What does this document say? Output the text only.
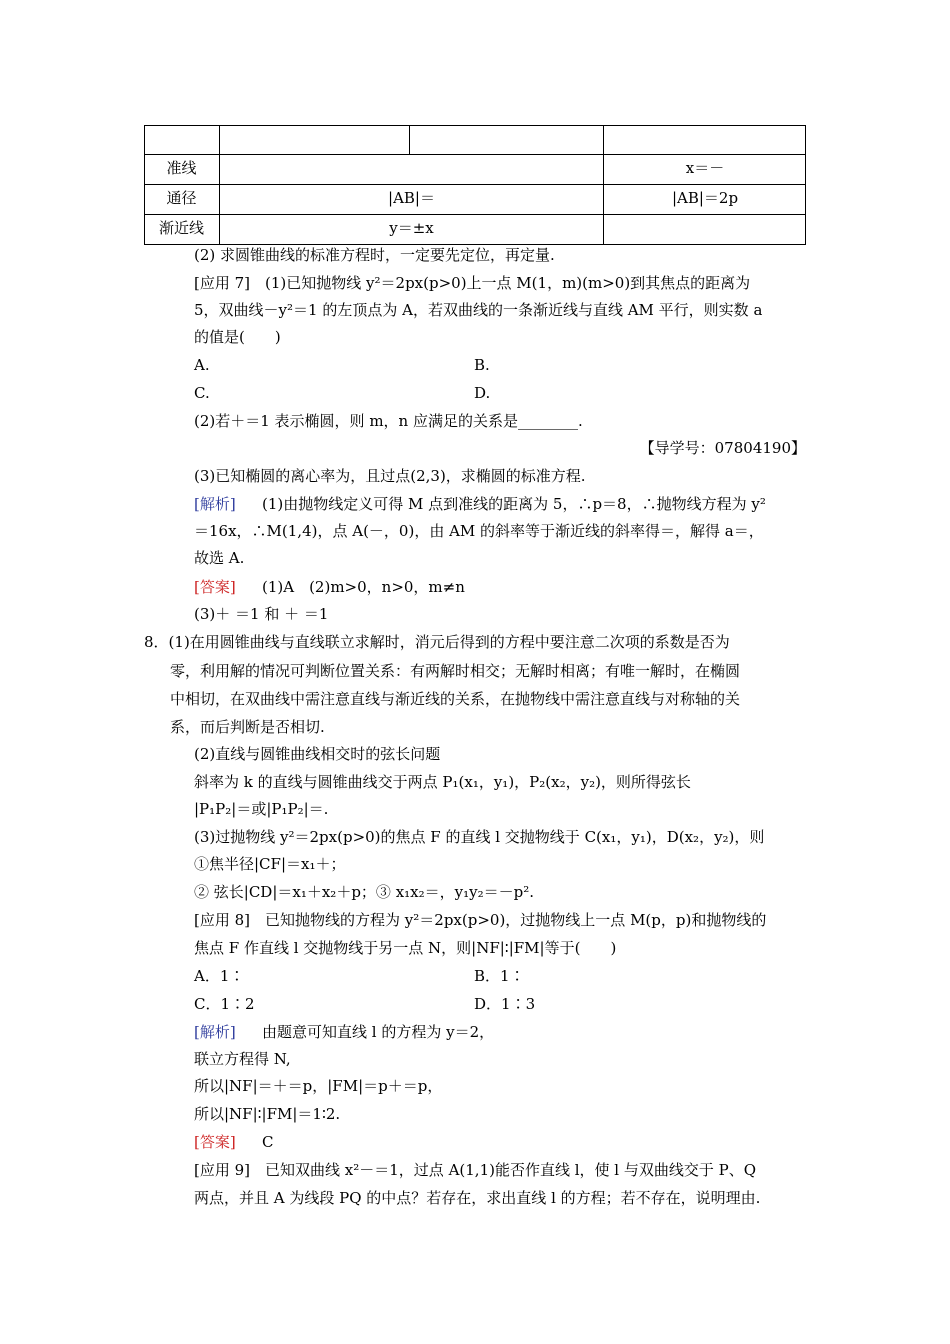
准线	x＝－
通径	|AB|＝	|AB|＝2p
渐近线	y＝±x
(2) 求圆锥曲线的标准方程时，一定要先定位，再定量.
[应用 7]　(1)已知抛物线 y²＝2px(p>0)上一点 M(1，m)(m>0)到其焦点的距离为
5，双曲线－y²＝1 的左顶点为 A，若双曲线的一条渐近线与直线 AM 平行，则实数 a
的值是(　　)
A.	B.
C.	D.
(2)若＋＝1 表示椭圆，则 m，n 应满足的关系是________.
【导学号：07804190】
(3)已知椭圆的离心率为，且过点(2,3)，求椭圆的标准方程.
[解析] (1)由抛物线定义可得 M 点到准线的距离为 5，∴p＝8，∴抛物线方程为 y²
＝16x，∴M(1,4)，点 A(－，0)，由 AM 的斜率等于渐近线的斜率得＝，解得 a＝，
故选 A.
[答案] (1)A　(2)m>0，n>0，m≠n
(3)＋ ＝1 和 ＋ ＝1
8．(1)在用圆锥曲线与直线联立求解时，消元后得到的方程中要注意二次项的系数是否为
零，利用解的情况可判断位置关系：有两解时相交；无解时相离；有唯一解时，在椭圆
中相切，在双曲线中需注意直线与渐近线的关系，在抛物线中需注意直线与对称轴的关
系，而后判断是否相切.
(2)直线与圆锥曲线相交时的弦长问题
斜率为 k 的直线与圆锥曲线交于两点 P₁(x₁，y₁)，P₂(x₂，y₂)，则所得弦长
|P₁P₂|＝或|P₁P₂|＝.
(3)过抛物线 y²＝2px(p>0)的焦点 F 的直线 l 交抛物线于 C(x₁，y₁)，D(x₂，y₂)，则
①焦半径|CF|＝x₁＋；
② 弦长|CD|＝x₁＋x₂＋p；③ x₁x₂＝，y₁y₂＝－p².
[应用 8]　已知抛物线的方程为 y²＝2px(p>0)，过抛物线上一点 M(p，p)和抛物线的
焦点 F 作直线 l 交抛物线于另一点 N，则|NF|∶|FM|等于(　　)
A．1∶	B．1∶
C．1∶2	D．1∶3
[解析] 由题意可知直线 l 的方程为 y＝2，
联立方程得 N,
所以|NF|＝＋＝p，|FM|＝p＋＝p，
所以|NF|∶|FM|＝1∶2.
[答案] C
[应用 9]　已知双曲线 x²－＝1，过点 A(1,1)能否作直线 l，使 l 与双曲线交于 P、Q
两点，并且 A 为线段 PQ 的中点？若存在，求出直线 l 的方程；若不存在，说明理由.
